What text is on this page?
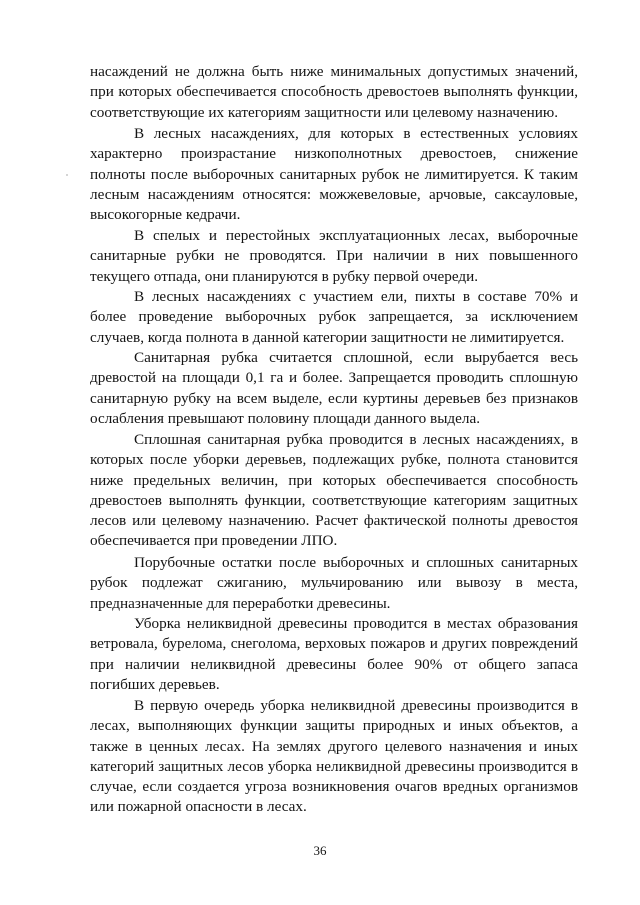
насаждений не должна быть ниже минимальных допустимых значений, при которых обеспечивается способность древостоев выполнять функции, соответствующие их категориям защитности или целевому назначению.

В лесных насаждениях, для которых в естественных условиях характерно произрастание низкополнотных древостоев, снижение полноты после выборочных санитарных рубок не лимитируется. К таким лесным насаждениям относятся: можжевеловые, арчовые, саксауловые, высокогорные кедрачи.

В спелых и перестойных эксплуатационных лесах, выборочные санитарные рубки не проводятся. При наличии в них повышенного текущего отпада, они планируются в рубку первой очереди.

В лесных насаждениях с участием ели, пихты в составе 70% и более проведение выборочных рубок запрещается, за исключением случаев, когда полнота в данной категории защитности не лимитируется.

Санитарная рубка считается сплошной, если вырубается весь древостой на площади 0,1 га и более. Запрещается проводить сплошную санитарную рубку на всем выделе, если куртины деревьев без признаков ослабления превышают половину площади данного выдела.

Сплошная санитарная рубка проводится в лесных насаждениях, в которых после уборки деревьев, подлежащих рубке, полнота становится ниже предельных величин, при которых обеспечивается способность древостоев выполнять функции, соответствующие категориям защитных лесов или целевому назначению. Расчет фактической полноты древостоя обеспечивается при проведении ЛПО.

Порубочные остатки после выборочных и сплошных санитарных рубок подлежат сжиганию, мульчированию или вывозу в места, предназначенные для переработки древесины.

Уборка неликвидной древесины проводится в местах образования ветровала, бурелома, снеголома, верховых пожаров и других повреждений при наличии неликвидной древесины более 90% от общего запаса погибших деревьев.

В первую очередь уборка неликвидной древесины производится в лесах, выполняющих функции защиты природных и иных объектов, а также в ценных лесах. На землях другого целевого назначения и иных категорий защитных лесов уборка неликвидной древесины производится в случае, если создается угроза возникновения очагов вредных организмов или пожарной опасности в лесах.

36
